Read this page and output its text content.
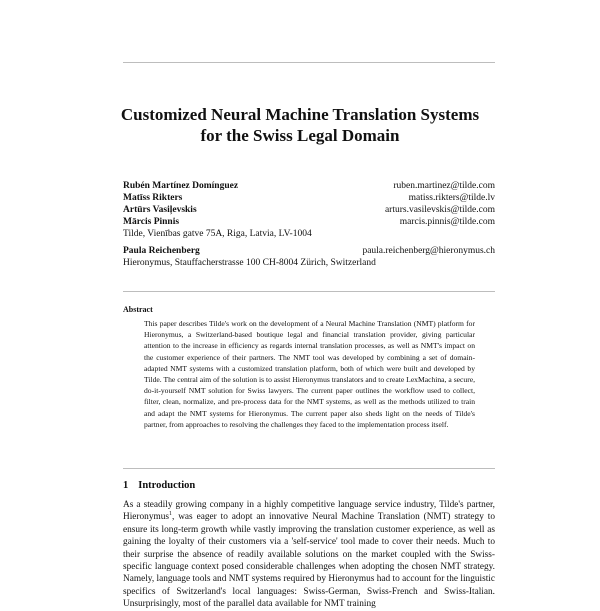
Customized Neural Machine Translation Systems
for the Swiss Legal Domain
Rubén Martínez Domínguez	ruben.martinez@tilde.com
Matīss Rikters	matiss.rikters@tilde.lv
Artūrs Vasiļevskis	arturs.vasilevskis@tilde.com
Mārcis Pinnis	marcis.pinnis@tilde.com
Tilde, Vienības gatve 75A, Riga, Latvia, LV-1004
Paula Reichenberg	paula.reichenberg@hieronymus.ch
Hieronymus, Stauffacherstrasse 100 CH-8004 Zürich, Switzerland
Abstract
This paper describes Tilde's work on the development of a Neural Machine Translation (NMT) platform for Hieronymus, a Switzerland-based boutique legal and financial translation provider, giving particular attention to the increase in efficiency as regards internal translation processes, as well as NMT's impact on the customer experience of their partners. The NMT tool was developed by combining a set of domain-adapted NMT systems with a customized translation platform, both of which were built and developed by Tilde. The central aim of the solution is to assist Hieronymus translators and to create LexMachina, a secure, do-it-yourself NMT solution for Swiss lawyers. The current paper outlines the workflow used to collect, filter, clean, normalize, and pre-process data for the NMT systems, as well as the methods utilized to train and adapt the NMT systems for Hieronymus. The current paper also sheds light on the needs of Tilde's partner, from approaches to resolving the challenges they faced to the implementation process itself.
1 Introduction
As a steadily growing company in a highly competitive language service industry, Tilde's partner, Hieronymus$^1$, was eager to adopt an innovative Neural Machine Translation (NMT) strategy to ensure its long-term growth while vastly improving the translation customer experience, as well as gaining the loyalty of their customers via a 'self-service' tool made to cover their needs. Much to their surprise the absence of readily available solutions on the market coupled with the Swiss-specific language context posed considerable challenges when adopting the chosen NMT strategy. Namely, language tools and NMT systems required by Hieronymus had to account for the linguistic specifics of Switzerland's local languages: Swiss-German, Swiss-French and Swiss-Italian. Unsurprisingly, most of the parallel data available for NMT training
